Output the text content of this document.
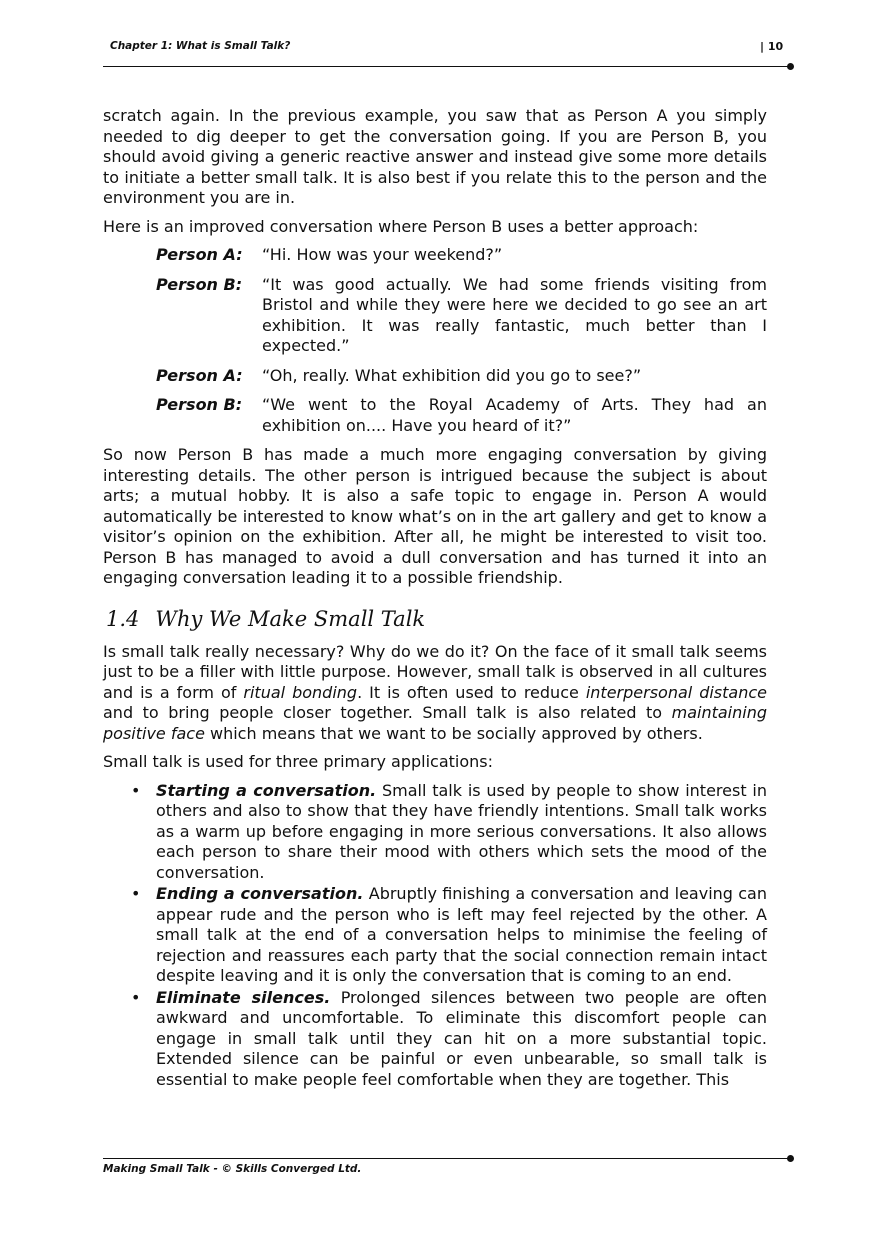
Chapter 1: What is Small Talk?	| 10

scratch again. In the previous example, you saw that as Person A you simply needed to dig deeper to get the conversation going. If you are Person B, you should avoid giving a generic reactive answer and instead give some more details to initiate a better small talk. It is also best if you relate this to the person and the environment you are in.

Here is an improved conversation where Person B uses a better approach:

Person A:	“Hi. How was your weekend?”
Person B:	“It was good actually. We had some friends visiting from Bristol and while they were here we decided to go see an art exhibition. It was really fantastic, much better than I expected.”
Person A:	“Oh, really. What exhibition did you go to see?”
Person B:	“We went to the Royal Academy of Arts. They had an exhibition on.... Have you heard of it?”

So now Person B has made a much more engaging conversation by giving interesting details. The other person is intrigued because the subject is about arts; a mutual hobby. It is also a safe topic to engage in. Person A would automatically be interested to know what’s on in the art gallery and get to know a visitor’s opinion on the exhibition. After all, he might be interested to visit too. Person B has managed to avoid a dull conversation and has turned it into an engaging conversation leading it to a possible friendship.

1.4 Why We Make Small Talk

Is small talk really necessary? Why do we do it? On the face of it small talk seems just to be a filler with little purpose. However, small talk is observed in all cultures and is a form of ritual bonding. It is often used to reduce interpersonal distance and to bring people closer together. Small talk is also related to maintaining positive face which means that we want to be socially approved by others.

Small talk is used for three primary applications:

• Starting a conversation. Small talk is used by people to show interest in others and also to show that they have friendly intentions. Small talk works as a warm up before engaging in more serious conversations. It also allows each person to share their mood with others which sets the mood of the conversation.
• Ending a conversation. Abruptly finishing a conversation and leaving can appear rude and the person who is left may feel rejected by the other. A small talk at the end of a conversation helps to minimise the feeling of rejection and reassures each party that the social connection remain intact despite leaving and it is only the conversation that is coming to an end.
• Eliminate silences. Prolonged silences between two people are often awkward and uncomfortable. To eliminate this discomfort people can engage in small talk until they can hit on a more substantial topic. Extended silence can be painful or even unbearable, so small talk is essential to make people feel comfortable when they are together. This
Making Small Talk - © Skills Converged Ltd.
